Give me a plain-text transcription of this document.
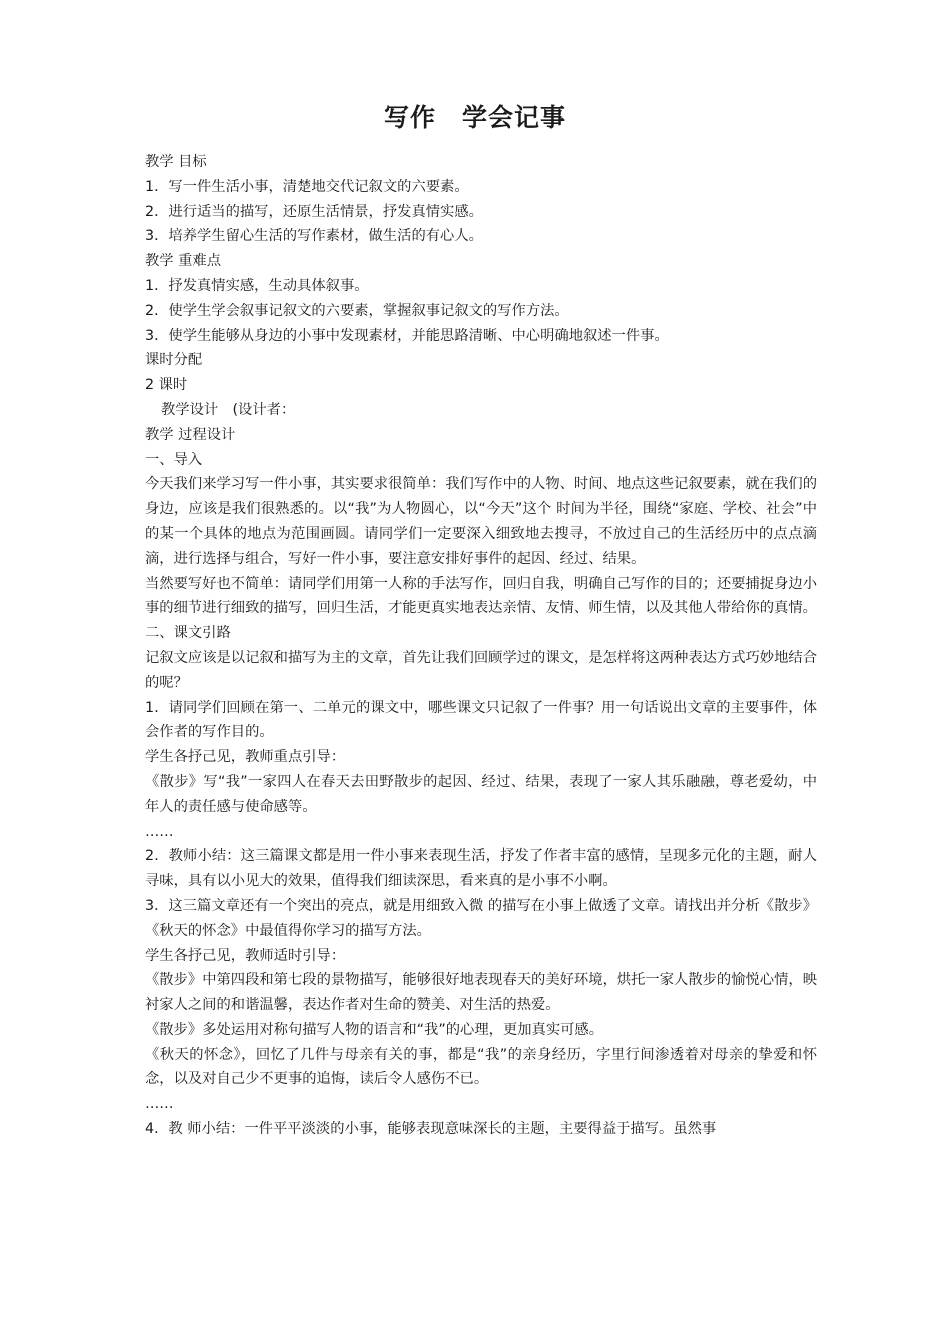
写作　学会记事

教学 目标

1．写一件生活小事，清楚地交代记叙文的六要素。

2．进行适当的描写，还原生活情景，抒发真情实感。

3．培养学生留心生活的写作素材，做生活的有心人。

教学 重难点

1．抒发真情实感，生动具体叙事。

2．使学生学会叙事记叙文的六要素，掌握叙事记叙文的写作方法。

3．使学生能够从身边的小事中发现素材，并能思路清晰、中心明确地叙述一件事。

课时分配

2 课时

教学设计　(设计者：

教学 过程设计

一、导入

今天我们来学习写一件小事，其实要求很简单：我们写作中的人物、时间、地点这些记叙要素，就在我们的身边，应该是我们很熟悉的。以“我”为人物圆心，以“今天”这个 时间为半径，围绕“家庭、学校、社会”中的某一个具体的地点为范围画圆。请同学们一定要深入细致地去搜寻，不放过自己的生活经历中的点点滴滴，进行选择与组合，写好一件小事，要注意安排好事件的起因、经过、结果。

当然要写好也不简单：请同学们用第一人称的手法写作，回归自我，明确自己写作的目的；还要捕捉身边小事的细节进行细致的描写，回归生活，才能更真实地表达亲情、友情、师生情，以及其他人带给你的真情。

二、课文引路

记叙文应该是以记叙和描写为主的文章，首先让我们回顾学过的课文，是怎样将这两种表达方式巧妙地结合的呢？

1．请同学们回顾在第一、二单元的课文中，哪些课文只记叙了一件事？用一句话说出文章的主要事件，体会作者的写作目的。

学生各抒己见，教师重点引导：

《散步》写“我”一家四人在春天去田野散步的起因、经过、结果，表现了一家人其乐融融，尊老爱幼，中年人的责任感与使命感等。

……

2．教师小结：这三篇课文都是用一件小事来表现生活，抒发了作者丰富的感情，呈现多元化的主题，耐人寻味，具有以小见大的效果，值得我们细读深思，看来真的是小事不小啊。

3．这三篇文章还有一个突出的亮点，就是用细致入微 的描写在小事上做透了文章。请找出并分析《散步》《秋天的怀念》中最值得你学习的描写方法。

学生各抒己见，教师适时引导：

《散步》中第四段和第七段的景物描写，能够很好地表现春天的美好环境，烘托一家人散步的愉悦心情，映衬家人之间的和谐温馨，表达作者对生命的赞美、对生活的热爱。

《散步》多处运用对称句描写人物的语言和“我”的心理，更加真实可感。

《秋天的怀念》，回忆了几件与母亲有关的事，都是“我”的亲身经历，字里行间渗透着对母亲的挚爱和怀念，以及对自己少不更事的追悔，读后令人感伤不已。

……

4．教 师小结：一件平平淡淡的小事，能够表现意味深长的主题，主要得益于描写。虽然事
